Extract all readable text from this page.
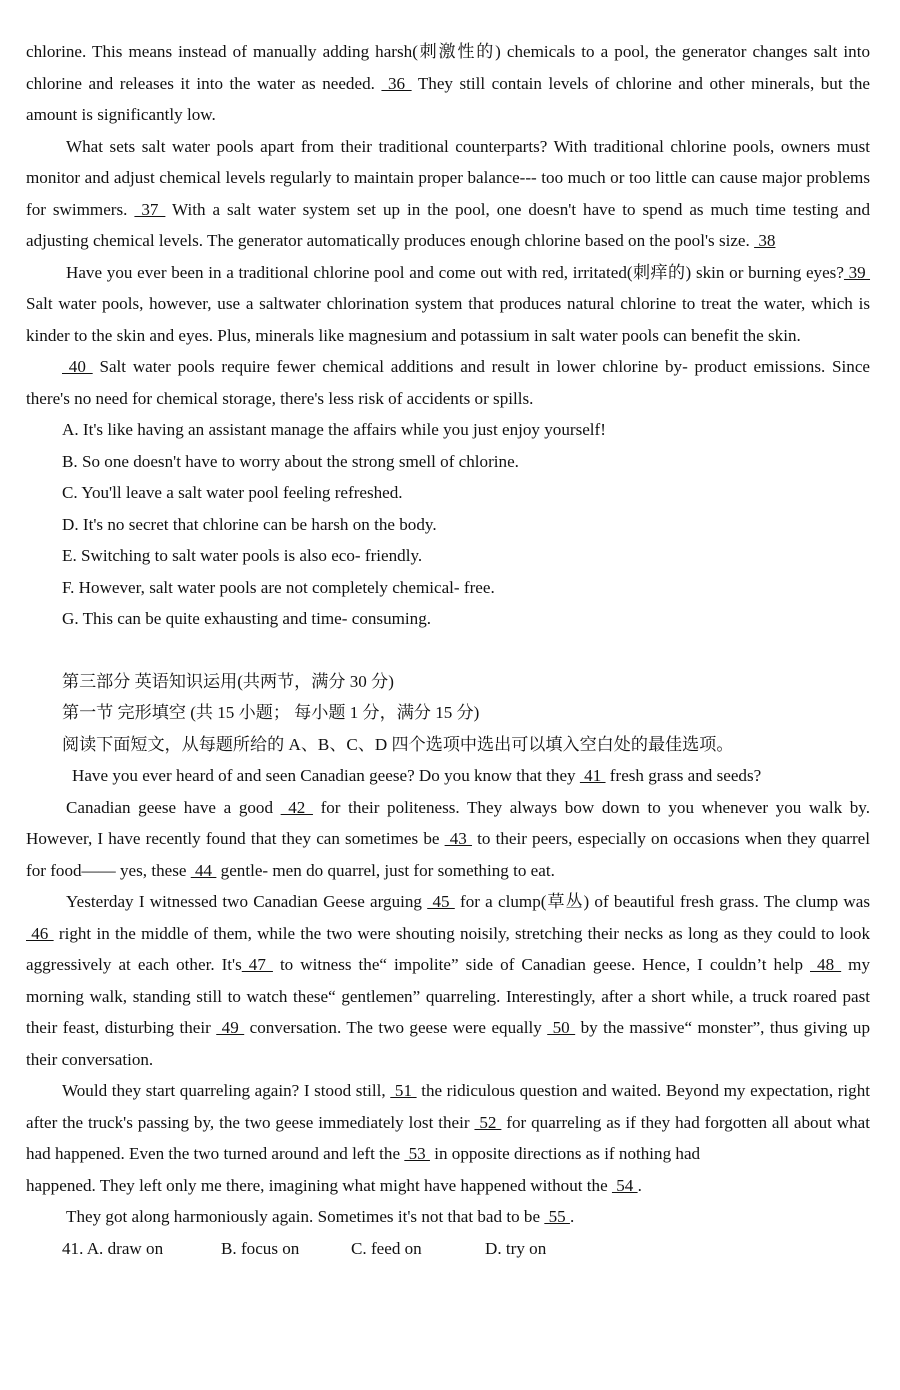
chlorine. This means instead of manually adding harsh(刺激性的) chemicals to a pool, the generator changes salt into chlorine and releases it into the water as needed.  36  They still contain levels of chlorine and other minerals, but the amount is significantly low.

What sets salt water pools apart from their traditional counterparts? With traditional chlorine pools, owners must monitor and adjust chemical levels regularly to maintain proper balance--- too much or too little can cause major problems for swimmers.  37  With a salt water system set up in the pool, one doesn't have to spend as much time testing and adjusting chemical levels. The generator automatically produces enough chlorine based on the pool's size.  38

Have you ever been in a traditional chlorine pool and come out with red, irritated(刺痒的) skin or burning eyes? 39  Salt water pools, however, use a saltwater chlorination system that produces natural chlorine to treat the water, which is kinder to the skin and eyes. Plus, minerals like magnesium and potassium in salt water pools can benefit the skin.

40  Salt water pools require fewer chemical additions and result in lower chlorine by- product emissions. Since there's no need for chemical storage, there's less risk of accidents or spills.

A. It's like having an assistant manage the affairs while you just enjoy yourself!

B. So one doesn't have to worry about the strong smell of chlorine.

C. You'll leave a salt water pool feeling refreshed.

D. It's no secret that chlorine can be harsh on the body.

E. Switching to salt water pools is also eco- friendly.

F. However, salt water pools are not completely chemical- free.

G. This can be quite exhausting and time- consuming.

第三部分 英语知识运用(共两节，满分 30 分)

第一节 完形填空 (共 15 小题； 每小题 1 分，满分 15 分)

阅读下面短文，从每题所给的 A、B、C、D 四个选项中选出可以填入空白处的最佳选项。

Have you ever heard of and seen Canadian geese? Do you know that they  41  fresh grass and seeds?

Canadian geese have a good  42  for their politeness. They always bow down to you whenever you walk by. However, I have recently found that they can sometimes be  43  to their peers, especially on occasions when they quarrel for food—— yes, these  44  gentle- men do quarrel, just for something to eat.

Yesterday I witnessed two Canadian Geese arguing  45  for a clump(草丛) of beautiful fresh grass. The clump was  46  right in the middle of them, while the two were shouting noisily, stretching their necks as long as they could to look aggressively at each other. It's 47  to witness the“ impolite” side of Canadian geese. Hence, I couldn’t help  48  my morning walk, standing still to watch these“ gentlemen” quarreling. Interestingly, after a short while, a truck roared past their feast, disturbing their  49  conversation. The two geese were equally  50  by the massive“ monster”, thus giving up their conversation.

Would they start quarreling again? I stood still,  51  the ridiculous question and waited. Beyond my expectation, right after the truck's passing by, the two geese immediately lost their  52  for quarreling as if they had forgotten all about what had happened. Even the two turned around and left the  53  in opposite directions as if nothing had

happened. They left only me there, imagining what might have happened without the  54 .

They got along harmoniously again. Sometimes it's not that bad to be  55 .

41. A. draw on	B. focus on	C. feed on	D. try on
